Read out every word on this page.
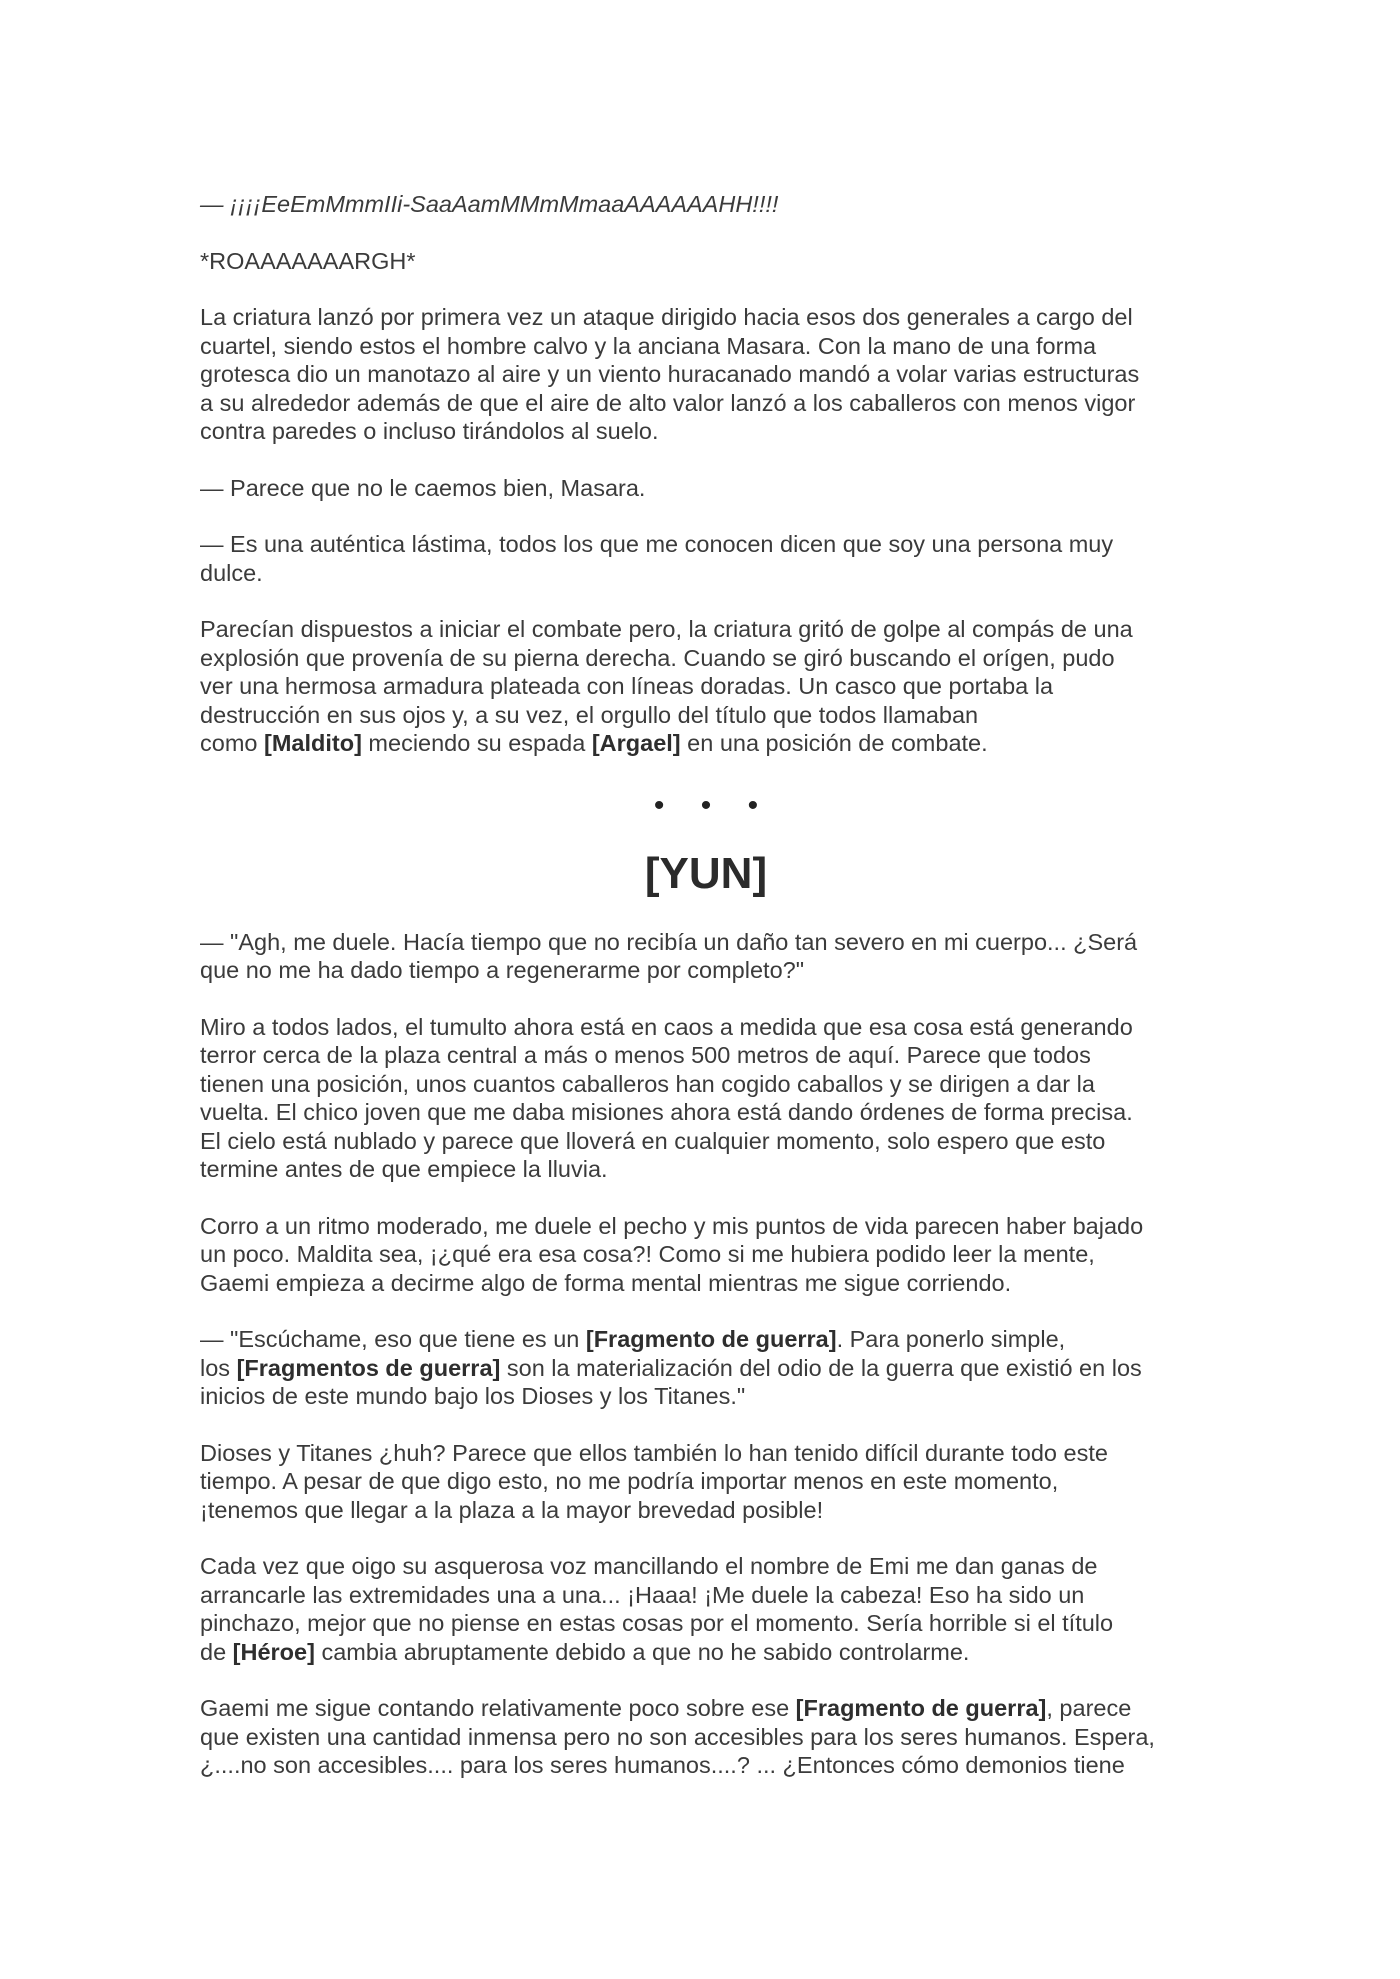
— ¡¡¡¡EeEmMmmIIi-SaaAamMMmMmaaAAAAAAHH!!!!

*ROAAAAAAARGH*

La criatura lanzó por primera vez un ataque dirigido hacia esos dos generales a cargo del
cuartel, siendo estos el hombre calvo y la anciana Masara. Con la mano de una forma
grotesca dio un manotazo al aire y un viento huracanado mandó a volar varias estructuras
a su alrededor además de que el aire de alto valor lanzó a los caballeros con menos vigor
contra paredes o incluso tirándolos al suelo.

— Parece que no le caemos bien, Masara.

— Es una auténtica lástima, todos los que me conocen dicen que soy una persona muy
dulce.

Parecían dispuestos a iniciar el combate pero, la criatura gritó de golpe al compás de una
explosión que provenía de su pierna derecha. Cuando se giró buscando el orígen, pudo
ver una hermosa armadura plateada con líneas doradas. Un casco que portaba la
destrucción en sus ojos y, a su vez, el orgullo del título que todos llamaban
como [Maldito] meciendo su espada [Argael] en una posición de combate.

• • •
[YUN]

— "Agh, me duele. Hacía tiempo que no recibía un daño tan severo en mi cuerpo... ¿Será
que no me ha dado tiempo a regenerarme por completo?"

Miro a todos lados, el tumulto ahora está en caos a medida que esa cosa está generando
terror cerca de la plaza central a más o menos 500 metros de aquí. Parece que todos
tienen una posición, unos cuantos caballeros han cogido caballos y se dirigen a dar la
vuelta. El chico joven que me daba misiones ahora está dando órdenes de forma precisa.
El cielo está nublado y parece que lloverá en cualquier momento, solo espero que esto
termine antes de que empiece la lluvia.

Corro a un ritmo moderado, me duele el pecho y mis puntos de vida parecen haber bajado
un poco. Maldita sea, ¡¿qué era esa cosa?! Como si me hubiera podido leer la mente,
Gaemi empieza a decirme algo de forma mental mientras me sigue corriendo.

— "Escúchame, eso que tiene es un [Fragmento de guerra]. Para ponerlo simple,
los [Fragmentos de guerra] son la materialización del odio de la guerra que existió en los
inicios de este mundo bajo los Dioses y los Titanes."

Dioses y Titanes ¿huh? Parece que ellos también lo han tenido difícil durante todo este
tiempo. A pesar de que digo esto, no me podría importar menos en este momento,
¡tenemos que llegar a la plaza a la mayor brevedad posible!

Cada vez que oigo su asquerosa voz mancillando el nombre de Emi me dan ganas de
arrancarle las extremidades una a una... ¡Haaa! ¡Me duele la cabeza! Eso ha sido un
pinchazo, mejor que no piense en estas cosas por el momento. Sería horrible si el título
de [Héroe] cambia abruptamente debido a que no he sabido controlarme.

Gaemi me sigue contando relativamente poco sobre ese [Fragmento de guerra], parece
que existen una cantidad inmensa pero no son accesibles para los seres humanos. Espera,
¿....no son accesibles.... para los seres humanos....? ... ¿Entonces cómo demonios tiene
